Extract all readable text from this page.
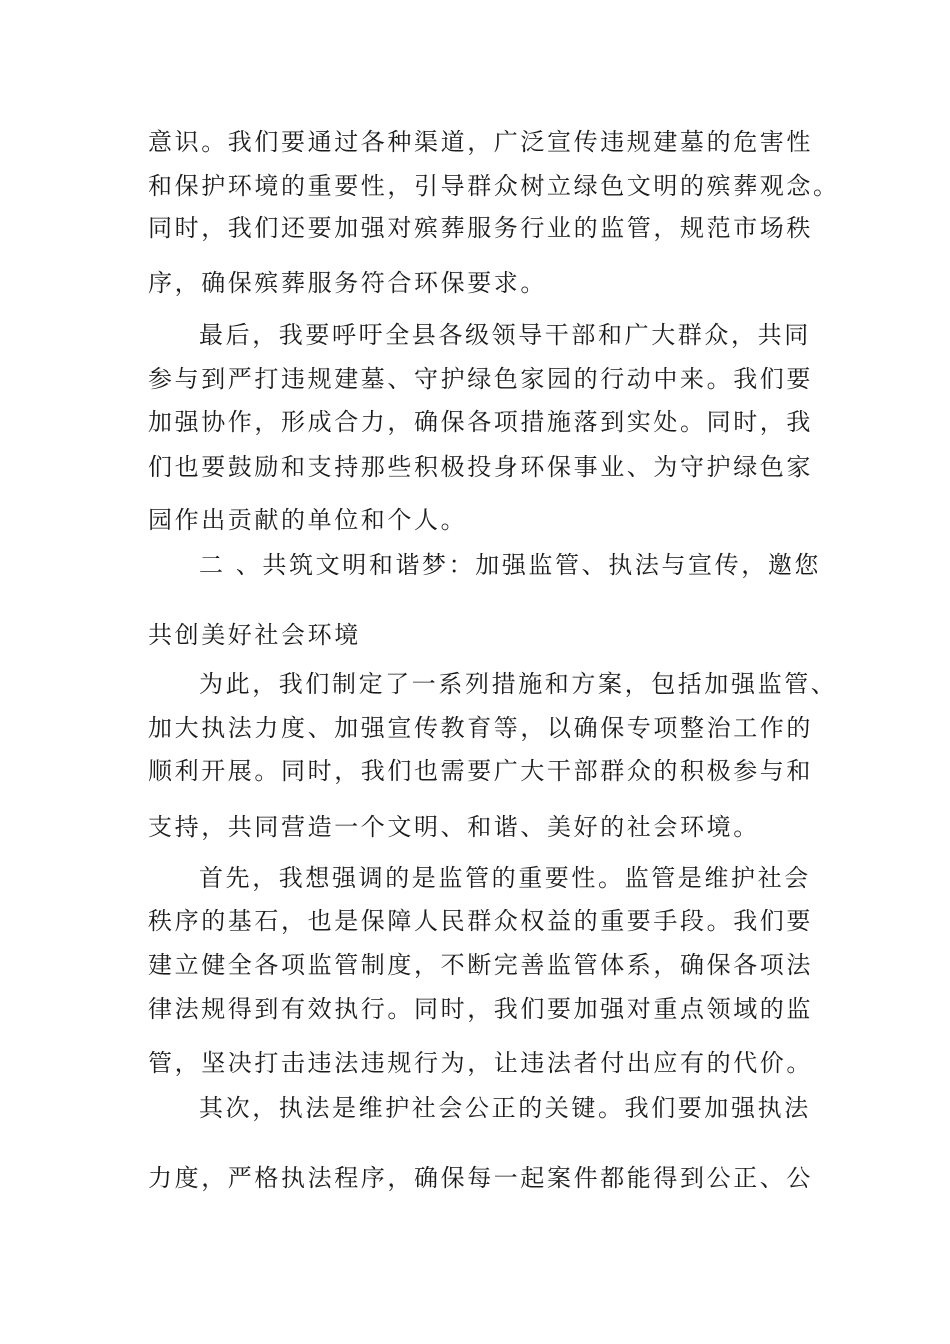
意识。我们要通过各种渠道，广泛宣传违规建墓的危害性
和保护环境的重要性，引导群众树立绿色文明的殡葬观念。
同时，我们还要加强对殡葬服务行业的监管，规范市场秩
序，确保殡葬服务符合环保要求。
最后，我要呼吁全县各级领导干部和广大群众，共同
参与到严打违规建墓、守护绿色家园的行动中来。我们要
加强协作，形成合力，确保各项措施落到实处。同时，我
们也要鼓励和支持那些积极投身环保事业、为守护绿色家
园作出贡献的单位和个人。
二 、共筑文明和谐梦：加强监管、执法与宣传，邀您
共创美好社会环境
为此，我们制定了一系列措施和方案，包括加强监管、
加大执法力度、加强宣传教育等，以确保专项整治工作的
顺利开展。同时，我们也需要广大干部群众的积极参与和
支持，共同营造一个文明、和谐、美好的社会环境。
首先，我想强调的是监管的重要性。监管是维护社会
秩序的基石，也是保障人民群众权益的重要手段。我们要
建立健全各项监管制度，不断完善监管体系，确保各项法
律法规得到有效执行。同时，我们要加强对重点领域的监
管，坚决打击违法违规行为，让违法者付出应有的代价。
其次，执法是维护社会公正的关键。我们要加强执法
力度，严格执法程序，确保每一起案件都能得到公正、公
